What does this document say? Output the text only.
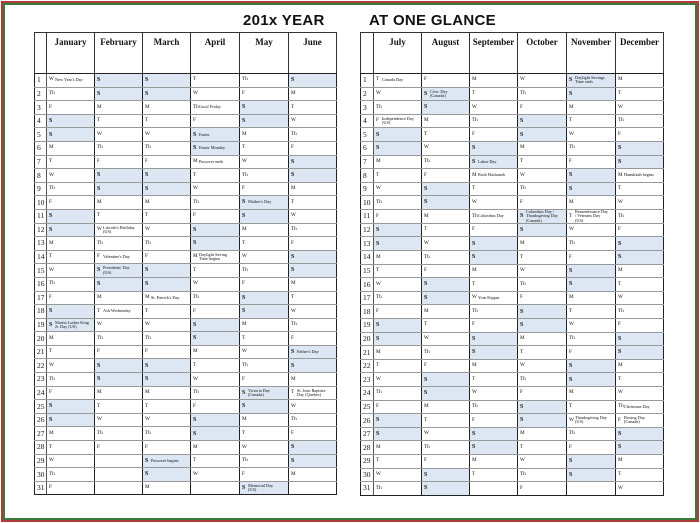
201x YEAR	AT ONE GLANCE
	January	February	March	April	May	June
1	WNew Year's Day	S	S	T	Th	S
2	Th	S	S	W	F	M
3	F	M	M	ThGood Friday	S	T
4	S	T	T	F	S	W
5	S	W	W	S Easter	M	Th
6	M	Th	Th	S Easter Monday	T	F
7	T	F	F	MPassover ends	W	S
8	W	S	S	T	Th	S
9	Th	S	S	W	F	M
10	F	M	M	Th	S Mother's Day	T
11	S	T	T	F	S	W
12	S	WLincoln's Birthday (US)	W	S	M	Th
13	M	Th	Th	S	T	F
14	T	F Valentine's Day	F	MDaylight Saving Time begins	W	S
15	W	S Presidents' Day (US)	S	T	Th	S
16	Th	S	S	W	F	M
17	F	M	MSt. Patrick's Day	Th	S	T
18	S	T Ash Wednesday	T	F	S	W
19	S Martin Luther King Jr. Day (US)	W	W	S	M	Th
20	M	Th	Th	S	T	F
21	T	F	F	M	W	S Father's Day
22	W	S	S	T	Th	S
23	Th	S	S	W	F	M
24	F	M	M	Th	S Victoria Day (Canada)	T St. Jean Baptiste Day (Quebec)
25	S	T	T	F	S	W
26	S	W	W	S	M	Th
27	M	Th	Th	S	T	F
28	T	F	F	M	W	S
29	W		S Passover begins	T	Th	S
30	Th		S	W	F	M
31	F		M		S Memorial Day (US)	
	July	August	September	October	November	December
1	T Canada Day	F	M	W	S Daylight Savings Time ends	M
2	W	S Civic Day (Canada)	T	Th	S	T
3	Th	S	W	F	M	W
4	F Independence Day (US)	M	Th	S	T	Th
5	S	T	F	S	W	F
6	S	W	S	M	Th	S
7	M	Th	S Labor Day	T	F	S
8	T	F	MRosh Hashanah	W	S	MHanukkah begins
9	W	S	T	Th	S	T
10	Th	S	W	F	M	W
11	F	M	ThColumbus Day	SColumbus Day / Thanksgiving Day (Canada)	TRemembrance Day / Veterans Day (US)	Th
12	S	T	F	S	W	F
13	S	W	S	M	Th	S
14	M	Th	S	T	F	S
15	T	F	M	W	S	M
16	W	S	T	Th	S	T
17	Th	S	WYom Kippur	F	M	W
18	F	M	Th	S	T	Th
19	S	T	F	S	W	F
20	S	W	S	M	Th	S
21	M	Th	S	T	F	S
22	T	F	M	W	S	M
23	W	S	T	Th	S	T
24	Th	S	W	F	M	W
25	F	M	Th	S	T	ThChristmas Day
26	S	T	F	S	WThanksgiving Day (US)	F Boxing Day (Canada)
27	S	W	S	M	Th	S
28	M	Th	S	T	F	S
29	T	F	M	W	S	M
30	W	S	T	Th	S	T
31	Th	S		F		W
